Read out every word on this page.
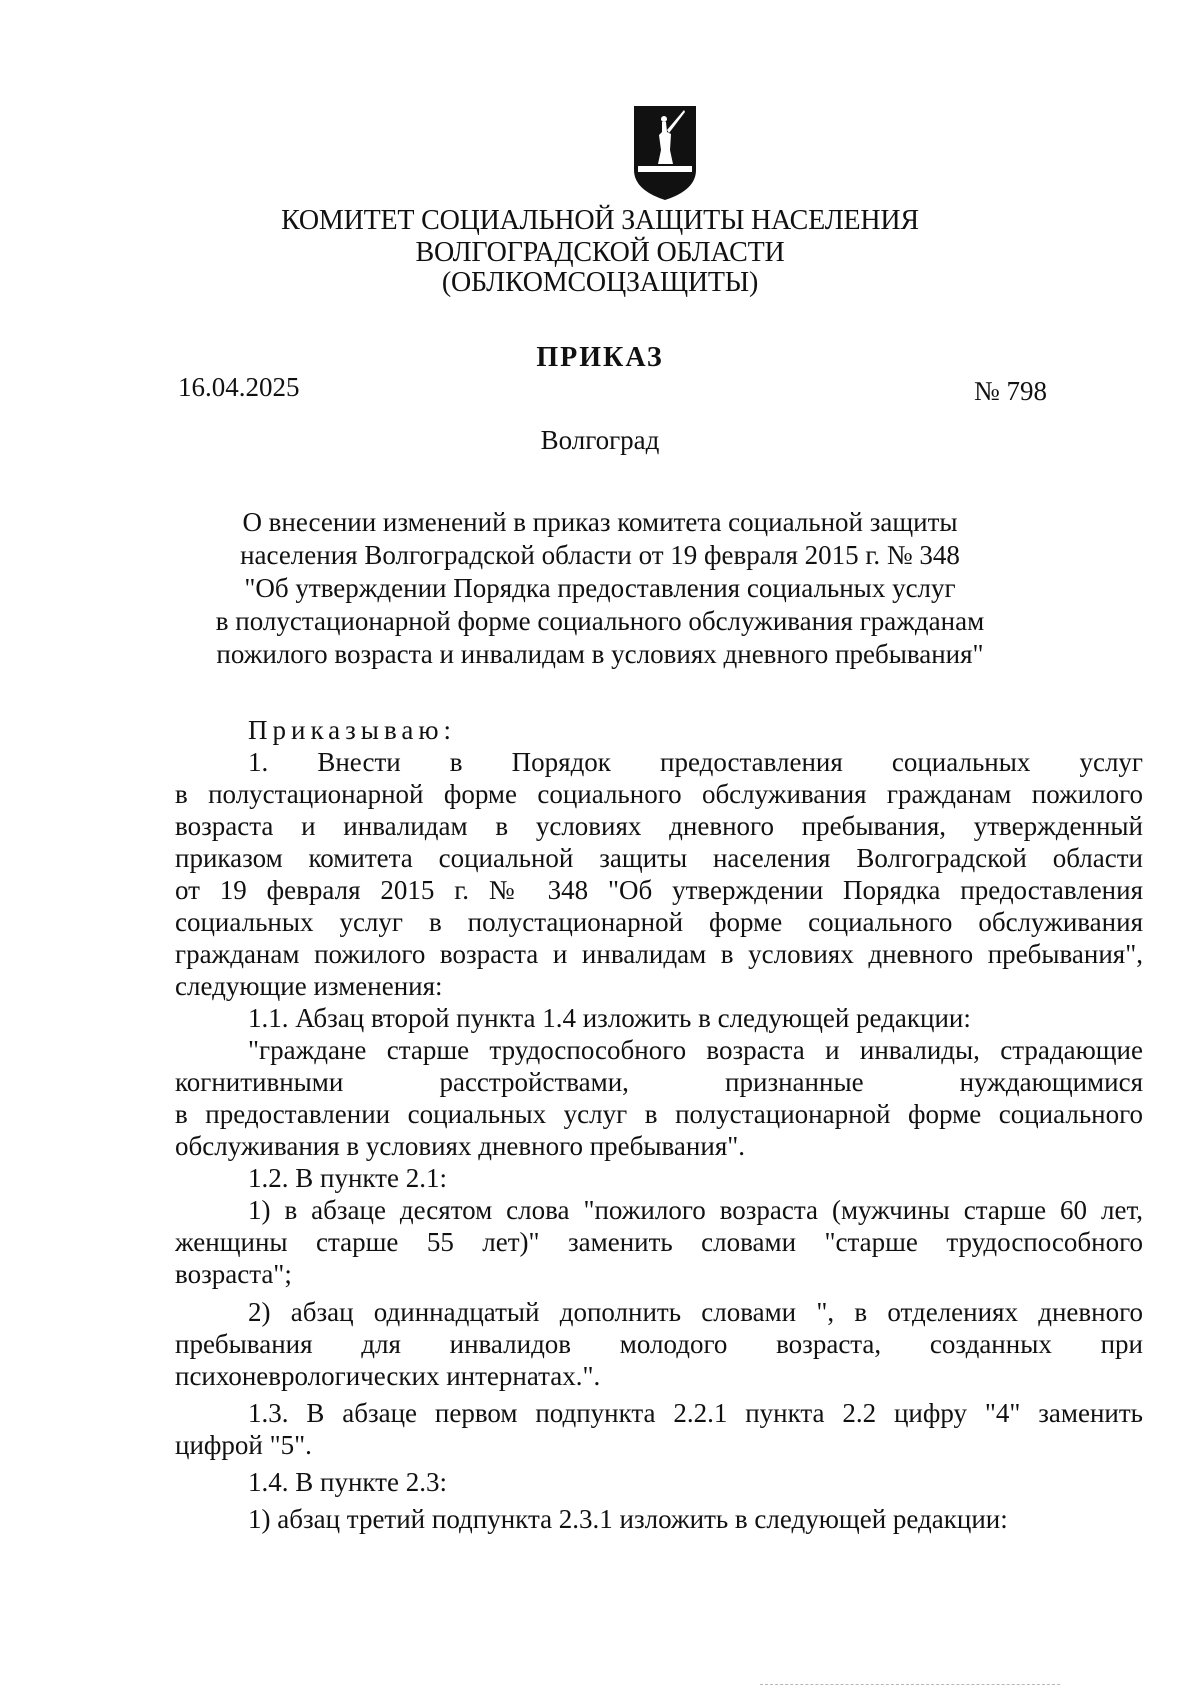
КОМИТЕТ СОЦИАЛЬНОЙ ЗАЩИТЫ НАСЕЛЕНИЯ
ВОЛГОГРАДСКОЙ ОБЛАСТИ
(ОБЛКОМСОЦЗАЩИТЫ)
ПРИКАЗ
16.04.2025	№ 798
Волгоград
О внесении изменений в приказ комитета социальной защиты
населения Волгоградской области от 19 февраля 2015 г. № 348
"Об утверждении Порядка предоставления социальных услуг
в полустационарной форме социального обслуживания гражданам
пожилого возраста и инвалидам в условиях дневного пребывания"
Приказываю:
1. Внести в Порядок предоставления социальных услуг
в полустационарной форме социального обслуживания гражданам пожилого
возраста и инвалидам в условиях дневного пребывания, утвержденный
приказом комитета социальной защиты населения Волгоградской области
от 19 февраля 2015 г. № 348 "Об утверждении Порядка предоставления
социальных услуг в полустационарной форме социального обслуживания
гражданам пожилого возраста и инвалидам в условиях дневного пребывания",
следующие изменения:
1.1. Абзац второй пункта 1.4 изложить в следующей редакции:
"граждане старше трудоспособного возраста и инвалиды, страдающие
когнитивными расстройствами, признанные нуждающимися
в предоставлении социальных услуг в полустационарной форме социального
обслуживания в условиях дневного пребывания".
1.2. В пункте 2.1:
1) в абзаце десятом слова "пожилого возраста (мужчины старше 60 лет,
женщины старше 55 лет)" заменить словами "старше трудоспособного
возраста";
2) абзац одиннадцатый дополнить словами ", в отделениях дневного
пребывания для инвалидов молодого возраста, созданных при
психоневрологических интернатах.".
1.3. В абзаце первом подпункта 2.2.1 пункта 2.2 цифру "4" заменить
цифрой "5".
1.4. В пункте 2.3:
1) абзац третий подпункта 2.3.1 изложить в следующей редакции:
